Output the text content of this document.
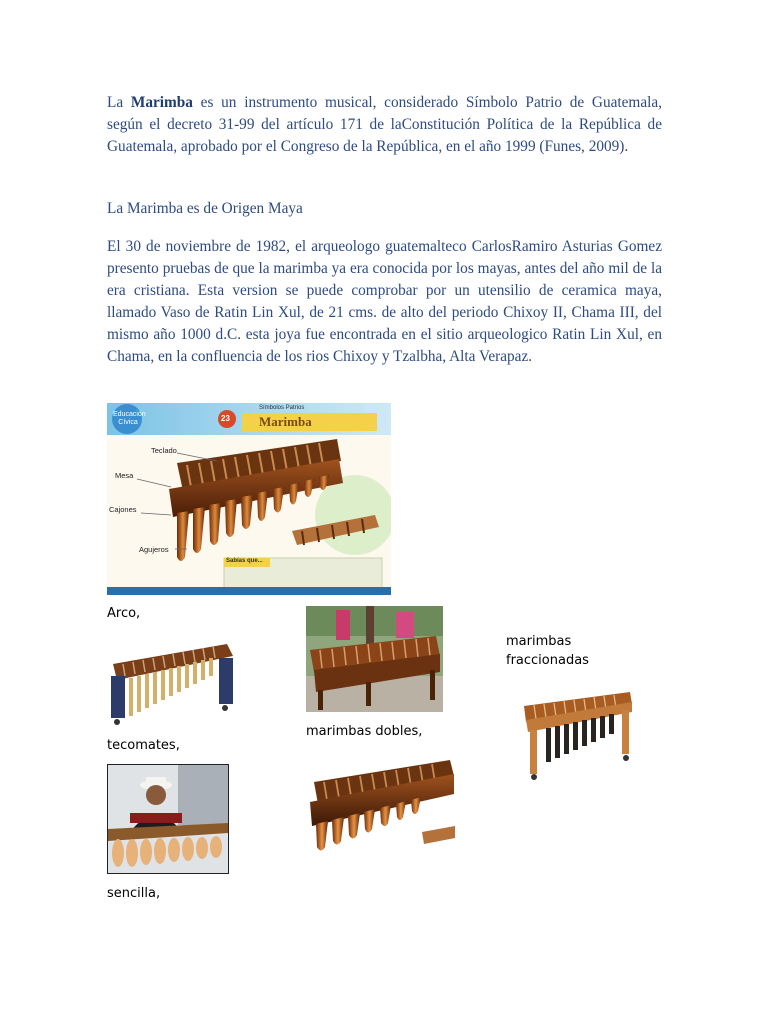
La Marimba es un instrumento musical, considerado Símbolo Patrio de Guatemala, según el decreto 31-99 del artículo 171 de laConstitución Política de la República de Guatemala, aprobado por el Congreso de la República, en el año 1999 (Funes, 2009).

La Marimba es de Origen Maya

El 30 de noviembre de 1982, el arqueologo guatemalteco CarlosRamiro Asturias Gomez presento pruebas de que la marimba ya era conocida por los mayas, antes del año mil de la era cristiana. Esta version se puede comprobar por un utensilio de ceramica maya, llamado Vaso de Ratin Lin Xul, de 21 cms. de alto del periodo Chixoy II, Chama III, del mismo año 1000 d.C. esta joya fue encontrada en el sitio arqueologico Ratin Lin Xul, en Chama, en la confluencia de los rios Chixoy y Tzalbha, Alta Verapaz.

Educación Cívica	23
Símbolos Patrios
Marimba
Teclado
Mesa
Cajones
Agujeros
Sabías que...
Arco,
tecomates,
sencilla,
marimbas dobles,
marimbas fraccionadas
